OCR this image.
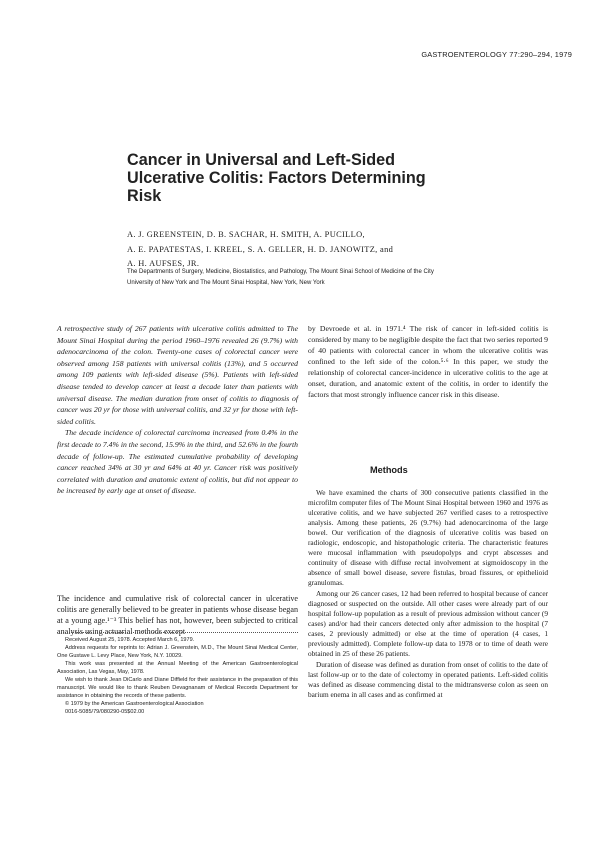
GASTROENTEROLOGY 77:290–294, 1979
Cancer in Universal and Left-Sided
Ulcerative Colitis: Factors Determining
Risk
A. J. GREENSTEIN, D. B. SACHAR, H. SMITH, A. PUCILLO,
A. E. PAPATESTAS, I. KREEL, S. A. GELLER, H. D. JANOWITZ, and
A. H. AUFSES, JR.
The Departments of Surgery, Medicine, Biostatistics, and Pathology, The Mount Sinai School of Medicine of the City
University of New York and The Mount Sinai Hospital, New York, New York

A retrospective study of 267 patients with ulcerative colitis admitted to The Mount Sinai Hospital during the period 1960–1976 revealed 26 (9.7%) with adenocarcinoma of the colon. Twenty-one cases of colorectal cancer were observed among 158 patients with universal colitis (13%), and 5 occurred among 109 patients with left-sided disease (5%). Patients with left-sided disease tended to develop cancer at least a decade later than patients with universal disease. The median duration from onset of colitis to diagnosis of cancer was 20 yr for those with universal colitis, and 32 yr for those with left-sided colitis.

The decade incidence of colorectal carcinoma increased from 0.4% in the first decade to 7.4% in the second, 15.9% in the third, and 52.6% in the fourth decade of follow-up. The estimated cumulative probability of developing cancer reached 34% at 30 yr and 64% at 40 yr. Cancer risk was positively correlated with duration and anatomic extent of colitis, but did not appear to be increased by early age at onset of disease.

The incidence and cumulative risk of colorectal cancer in ulcerative colitis are generally believed to be greater in patients whose disease began at a young age.¹⁻³ This belief has not, however, been subjected to critical analysis using actuarial methods except

Received August 25, 1978. Accepted March 6, 1979.

Address requests for reprints to: Adrian J. Greenstein, M.D., The Mount Sinai Medical Center, One Gustave L. Levy Place, New York, N.Y. 10029.

This work was presented at the Annual Meeting of the American Gastroenterological Association, Las Vegas, May, 1978.

We wish to thank Jean DiCarlo and Diane Diffield for their assistance in the preparation of this manuscript. We would like to thank Reuben Devagnanam of Medical Records Department for assistance in obtaining the records of these patients.

© 1979 by the American Gastroenterological Association

0016-5085/79/080290-05$02.00

by Devroede et al. in 1971.⁴ The risk of cancer in left-sided colitis is considered by many to be negligible despite the fact that two series reported 9 of 40 patients with colorectal cancer in whom the ulcerative colitis was confined to the left side of the colon.⁵·⁶ In this paper, we study the relationship of colorectal cancer-incidence in ulcerative colitis to the age at onset, duration, and anatomic extent of the colitis, in order to identify the factors that most strongly influence cancer risk in this disease.

Methods

We have examined the charts of 300 consecutive patients classified in the microfilm computer files of The Mount Sinai Hospital between 1960 and 1976 as ulcerative colitis, and we have subjected 267 verified cases to a retrospective analysis. Among these patients, 26 (9.7%) had adenocarcinoma of the large bowel. Our verification of the diagnosis of ulcerative colitis was based on radiologic, endoscopic, and histopathologic criteria. The characteristic features were mucosal inflammation with pseudopolyps and crypt abscesses and continuity of disease with diffuse rectal involvement at sigmoidoscopy in the absence of small bowel disease, severe fistulas, broad fissures, or epithelioid granulomas.

Among our 26 cancer cases, 12 had been referred to hospital because of cancer diagnosed or suspected on the outside. All other cases were already part of our hospital follow-up population as a result of previous admission without cancer (9 cases) and/or had their cancers detected only after admission to the hospital (7 cases, 2 previously admitted) or else at the time of operation (4 cases, 1 previously admitted). Complete follow-up data to 1978 or to time of death were obtained in 25 of these 26 patients.

Duration of disease was defined as duration from onset of colitis to the date of last follow-up or to the date of colectomy in operated patients. Left-sided colitis was defined as disease commencing distal to the midtransverse colon as seen on barium enema in all cases and as confirmed at
